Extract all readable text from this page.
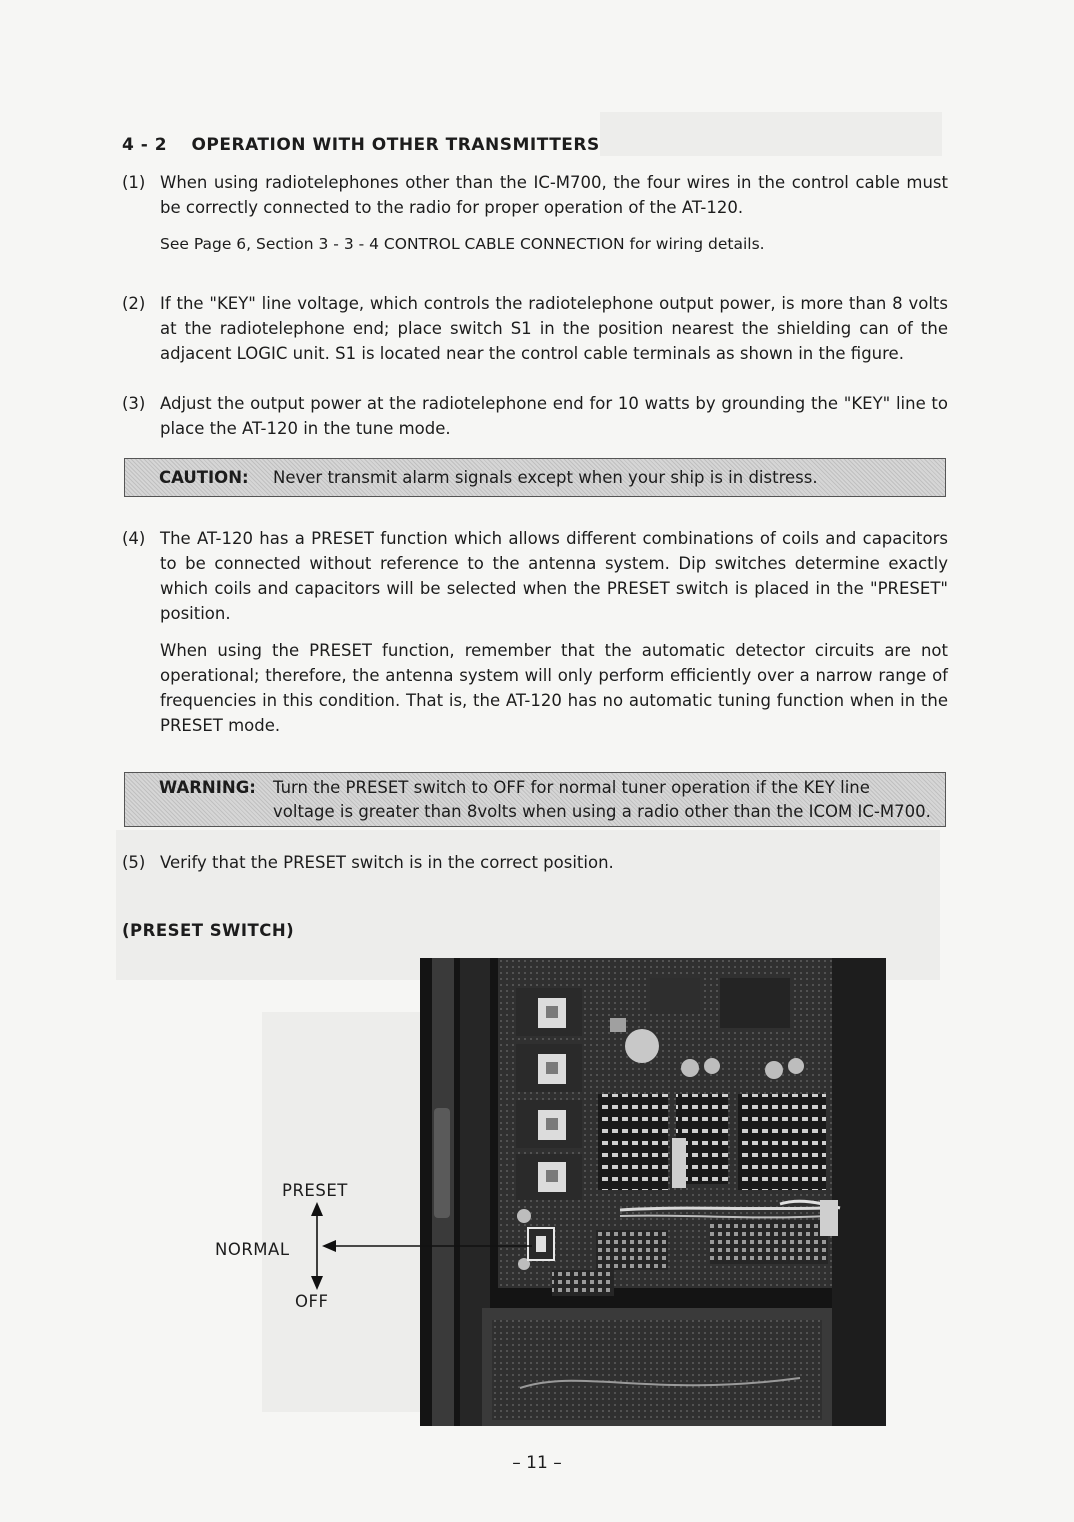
4 - 2 OPERATION WITH OTHER TRANSMITTERS
(1) When using radiotelephones other than the IC-M700, the four wires in the control cable must be correctly connected to the radio for proper operation of the AT-120.

See Page 6, Section 3 - 3 - 4 CONTROL CABLE CONNECTION for wiring details.

(2) If the "KEY" line voltage, which controls the radiotelephone output power, is more than 8 volts at the radiotelephone end; place switch S1 in the position nearest the shielding can of the adjacent LOGIC unit. S1 is located near the control cable terminals as shown in the figure.

(3) Adjust the output power at the radiotelephone end for 10 watts by grounding the "KEY" line to place the AT-120 in the tune mode.

CAUTION: Never transmit alarm signals except when your ship is in distress.
(4) The AT-120 has a PRESET function which allows different combinations of coils and capacitors to be connected without reference to the antenna system. Dip switches determine exactly which coils and capacitors will be selected when the PRESET switch is placed in the "PRESET" position.

When using the PRESET function, remember that the automatic detector circuits are not operational; therefore, the antenna system will only perform efficiently over a narrow range of frequencies in this condition. That is, the AT-120 has no automatic tuning function when in the PRESET mode.

WARNING: Turn the PRESET switch to OFF for normal tuner operation if the KEY line
voltage is greater than 8volts when using a radio other than the ICOM IC-M700.
(5) Verify that the PRESET switch is in the correct position.

(PRESET SWITCH)
PRESET
NORMAL
OFF
– 11 –
